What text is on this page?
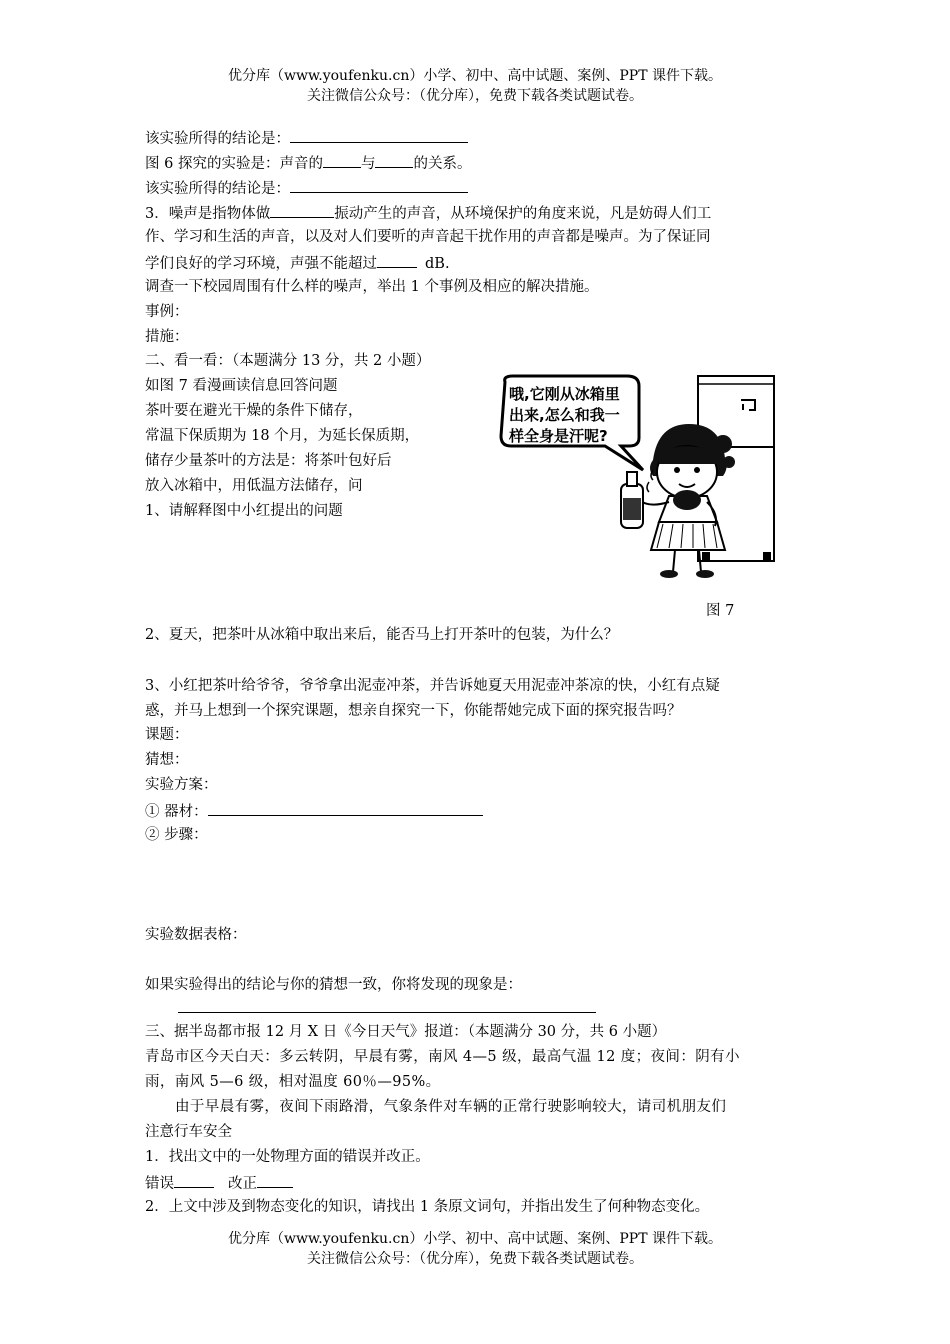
优分库（www.youfenku.cn）小学、初中、高中试题、案例、PPT 课件下载。
关注微信公众号：（优分库），免费下载各类试题试卷。
该实验所得的结论是：
图 6 探究的实验是：声音的	与	的关系。
该实验所得的结论是：
3．噪声是指物体做	振动产生的声音，从环境保护的角度来说，凡是妨碍人们工
作、学习和生活的声音，以及对人们要听的声音起干扰作用的声音都是噪声。为了保证同
学们良好的学习环境，声强不能超过	dB.
调查一下校园周围有什么样的噪声，举出 1 个事例及相应的解决措施。
事例：
措施：
二、看一看：（本题满分 13 分，共 2 小题）
如图 7 看漫画读信息回答问题
茶叶要在避光干燥的条件下储存，
常温下保质期为 18 个月，为延长保质期，
储存少量茶叶的方法是：将茶叶包好后
放入冰箱中，用低温方法储存，问
1、请解释图中小红提出的问题
哦,它刚从冰箱里
出来,怎么和我一
样全身是汗呢?
图 7
2、夏天，把茶叶从冰箱中取出来后，能否马上打开茶叶的包装，为什么？
3、小红把茶叶给爷爷，爷爷拿出泥壶冲茶，并告诉她夏天用泥壶冲茶凉的快，小红有点疑
惑，并马上想到一个探究课题，想亲自探究一下，你能帮她完成下面的探究报告吗？
课题：
猜想：
实验方案：
① 器材：
② 步骤：
实验数据表格：
如果实验得出的结论与你的猜想一致，你将发现的现象是：
三、据半岛都市报 12 月 X 日《今日天气》报道：（本题满分 30 分，共 6 小题）
青岛市区今天白天：多云转阴，早晨有雾，南风 4—5 级，最高气温 12 度；夜间：阴有小
雨，南风 5—6 级，相对温度 60％—95%。
由于早晨有雾，夜间下雨路滑，气象条件对车辆的正常行驶影响较大，请司机朋友们
注意行车安全
1．找出文中的一处物理方面的错误并改正。
错误	改正
2．上文中涉及到物态变化的知识，请找出 1 条原文词句，并指出发生了何种物态变化。
优分库（www.youfenku.cn）小学、初中、高中试题、案例、PPT 课件下载。
关注微信公众号：（优分库），免费下载各类试题试卷。
